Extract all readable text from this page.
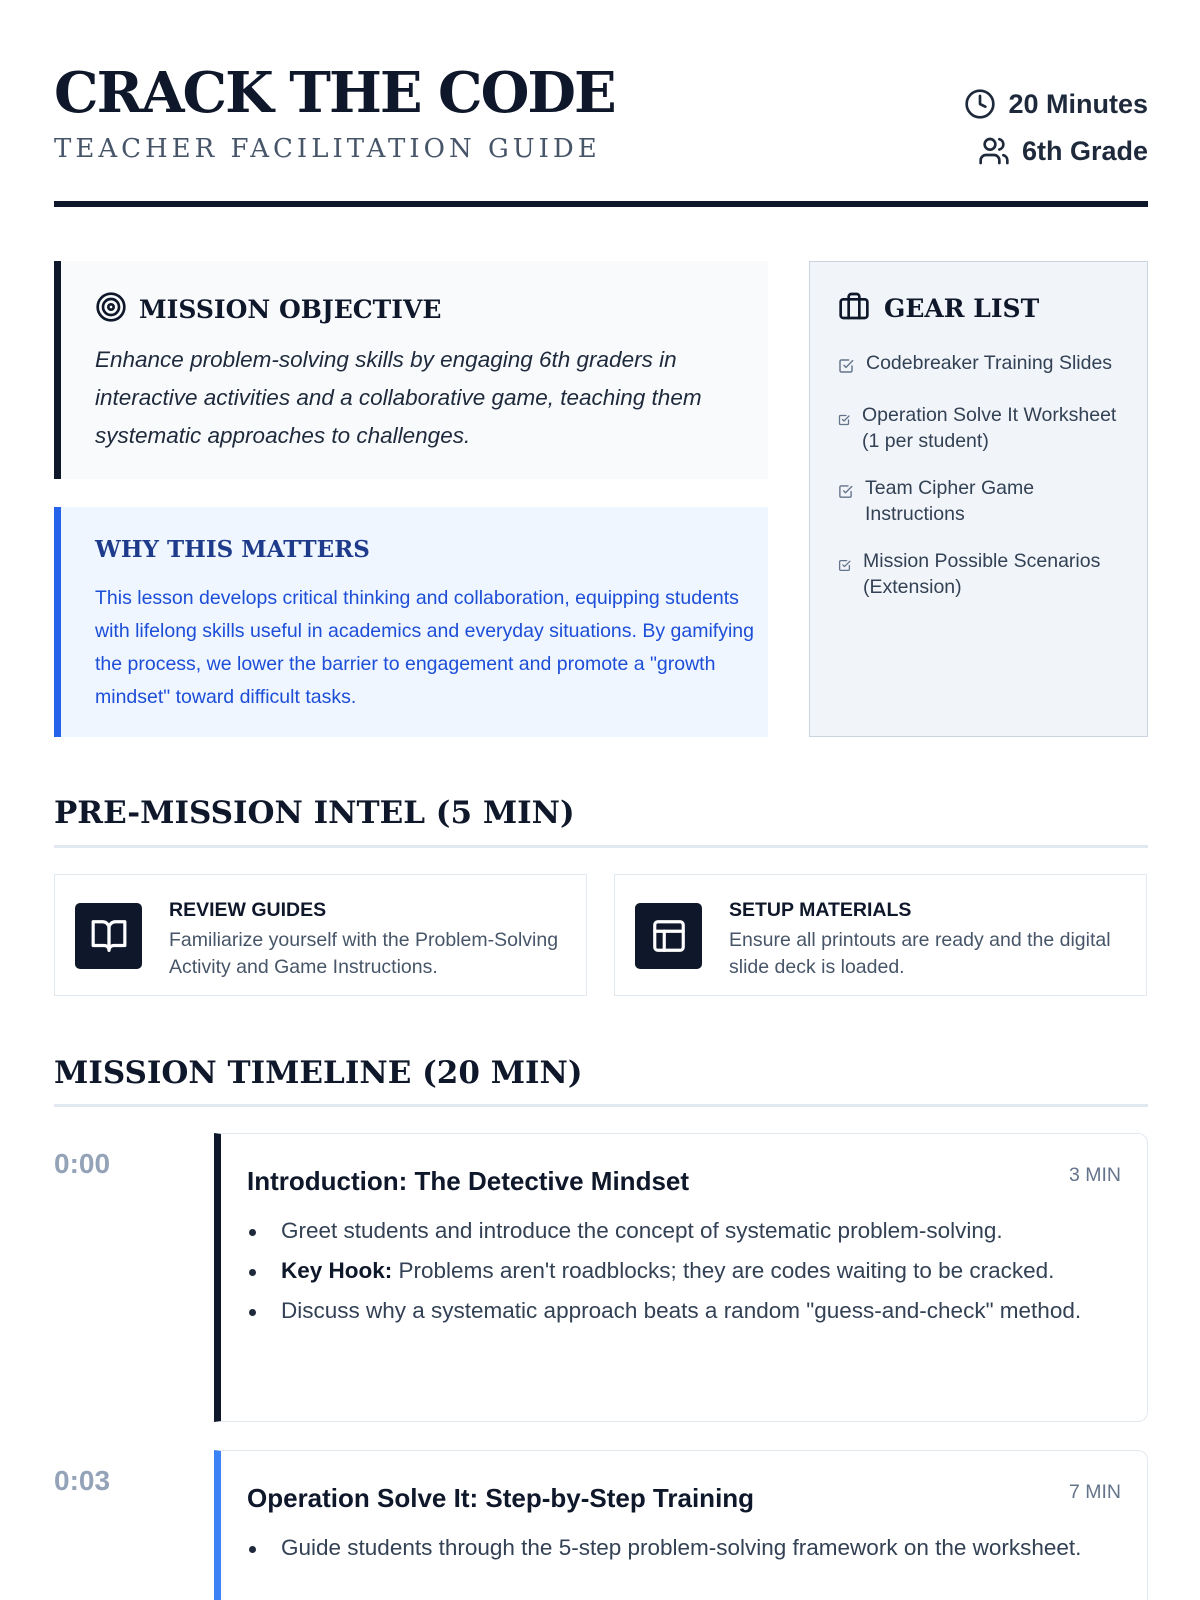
CRACK THE CODE
TEACHER FACILITATION GUIDE
20 Minutes
6th Grade
MISSION OBJECTIVE
Enhance problem-solving skills by engaging 6th graders in interactive activities and a collaborative game, teaching them systematic approaches to challenges.
WHY THIS MATTERS
This lesson develops critical thinking and collaboration, equipping students with lifelong skills useful in academics and everyday situations. By gamifying the process, we lower the barrier to engagement and promote a "growth mindset" toward difficult tasks.
GEAR LIST
Codebreaker Training Slides
Operation Solve It Worksheet (1 per student)
Team Cipher Game Instructions
Mission Possible Scenarios (Extension)
PRE-MISSION INTEL (5 MIN)
REVIEW GUIDES
Familiarize yourself with the Problem-Solving Activity and Game Instructions.
SETUP MATERIALS
Ensure all printouts are ready and the digital slide deck is loaded.
MISSION TIMELINE (20 MIN)
0:00
Introduction: The Detective Mindset	3 MIN
Greet students and introduce the concept of systematic problem-solving.
Key Hook: Problems aren't roadblocks; they are codes waiting to be cracked.
Discuss why a systematic approach beats a random "guess-and-check" method.
0:03
Operation Solve It: Step-by-Step Training	7 MIN
Guide students through the 5-step problem-solving framework on the worksheet.
